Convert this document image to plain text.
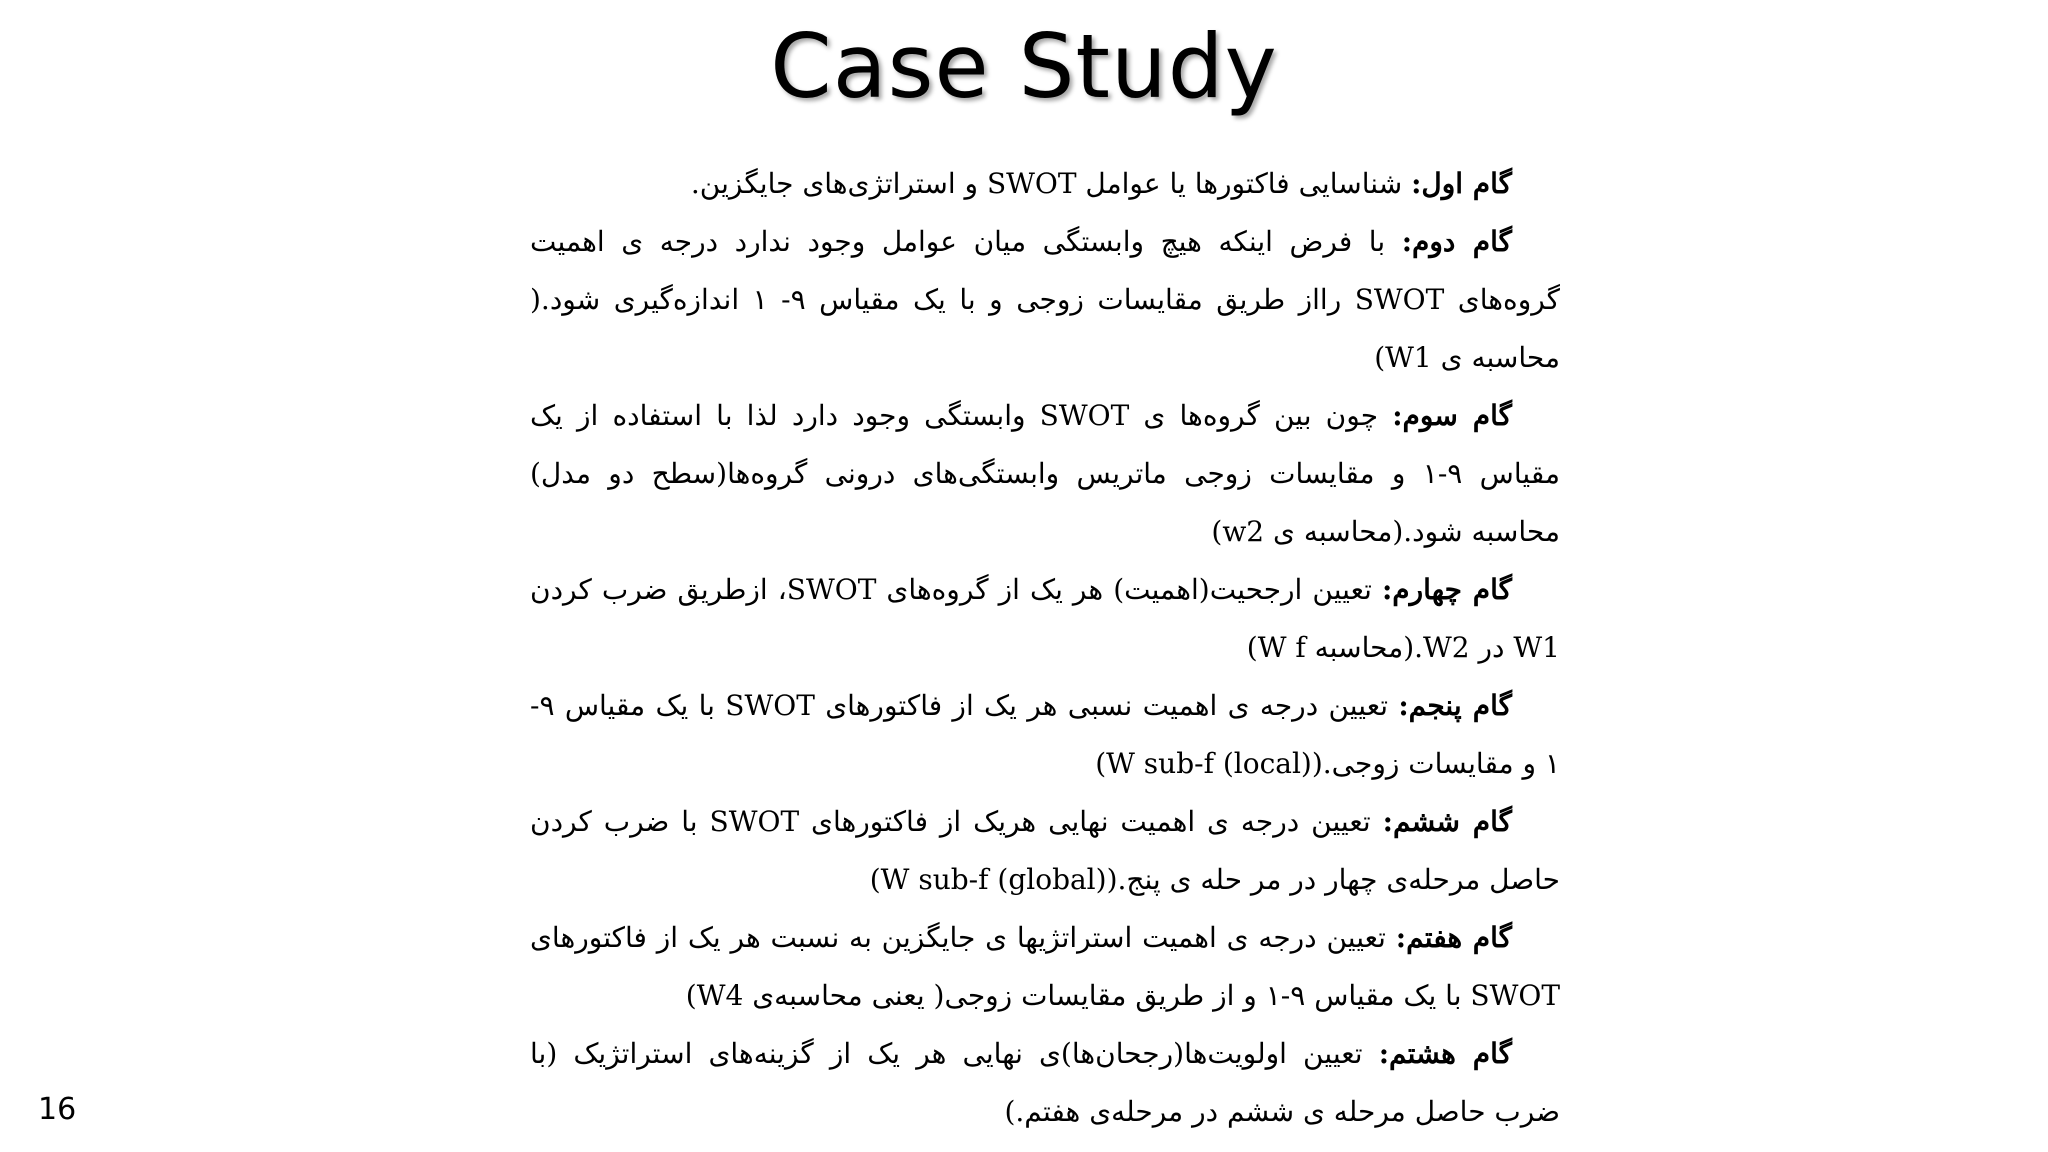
Case Study

گام اول: شناسایی فاکتورها یا عوامل SWOT و استراتژی‌های جایگزین.

گام دوم: با فرض اینکه هیچ وابستگی میان عوامل وجود ندارد درجه ی اهمیت گروه‌های SWOT رااز طریق مقایسات زوجی و با یک مقیاس ۹- ۱ اندازه‌گیری شود.( محاسبه ی W1)

گام سوم: چون بین گروه‌ها ی SWOT وابستگی وجود دارد لذا با استفاده از یک مقیاس ۹-۱ و مقایسات زوجی ماتریس وابستگی‌های درونی گروه‌ها(سطح دو مدل) محاسبه شود.(محاسبه ی w2)

گام چهارم: تعیین ارجحیت(اهمیت) هر یک از گروه‌های SWOT، ازطریق ضرب کردن W1 در W2.(محاسبه W f)

گام پنجم: تعیین درجه ی اهمیت نسبی هر یک از فاکتورهای SWOT با یک مقیاس ۹- ۱ و مقایسات زوجی.(W sub-f (local))

گام ششم: تعیین درجه ی اهمیت نهایی هریک از فاکتورهای SWOT با ضرب کردن حاصل مرحله‌ی چهار در مر حله ی پنج.(W sub-f (global))

گام هفتم: تعیین درجه ی اهمیت استراتژیها ی جایگزین به نسبت هر یک از فاکتورهای SWOT با یک مقیاس ۹-۱ و از طریق مقایسات زوجی( یعنی محاسبه‌ی W4)

گام هشتم: تعیین اولویت‌ها(رجحان‌ها)ی نهایی هر یک از گزینه‌های استراتژیک (با ضرب حاصل مرحله ی ششم در مرحله‌ی هفتم.)

16
